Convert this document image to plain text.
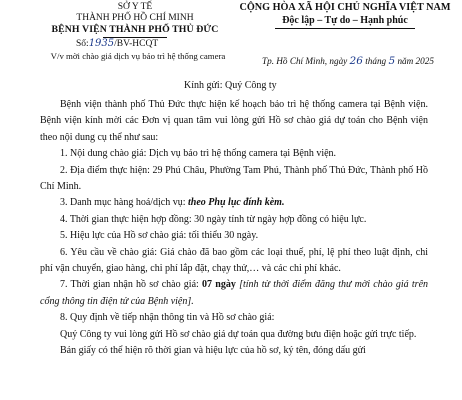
SỞ Y TẾ
THÀNH PHỐ HỒ CHÍ MINH
BỆNH VIỆN THÀNH PHỐ THỦ ĐỨC
CỘNG HÒA XÃ HỘI CHỦ NGHĨA VIỆT NAM
Độc lập – Tự do – Hạnh phúc
Số:1935/BV-HCQT
V/v mời chào giá dịch vụ bảo trì hệ thống camera	Tp. Hồ Chí Minh, ngày 26 tháng 5 năm 2025
Kính gửi: Quý Công ty

Bệnh viện thành phố Thủ Đức thực hiện kế hoạch bảo trì hệ thống camera tại Bệnh viện. Bệnh viện kính mời các Đơn vị quan tâm vui lòng gửi Hồ sơ chào giá dự toán cho Bệnh viện theo nội dung cụ thể như sau:

1. Nội dung chào giá: Dịch vụ bảo trì hệ thống camera tại Bệnh viện.

2. Địa điểm thực hiện: 29 Phú Châu, Phường Tam Phú, Thành phố Thủ Đức, Thành phố Hồ Chí Minh.

3. Danh mục hàng hoá/dịch vụ: theo Phụ lục đính kèm.

4. Thời gian thực hiện hợp đồng: 30 ngày tính từ ngày hợp đồng có hiệu lực.

5. Hiệu lực của Hồ sơ chào giá: tối thiểu 30 ngày.

6. Yêu cầu về chào giá: Giá chào đã bao gồm các loại thuế, phí, lệ phí theo luật định, chi phí vận chuyển, giao hàng, chi phí lắp đặt, chạy thử,… và các chi phí khác.

7. Thời gian nhận hồ sơ chào giá: 07 ngày [tính từ thời điểm đăng thư mời chào giá trên cổng thông tin điện tử của Bệnh viện].

8. Quy định về tiếp nhận thông tin và Hồ sơ chào giá:

Quý Công ty vui lòng gửi Hồ sơ chào giá dự toán qua đường bưu điện hoặc gửi trực tiếp.

Bản giấy có thể hiện rõ thời gian và hiệu lực của hồ sơ, ký tên, đóng dấu gửi
